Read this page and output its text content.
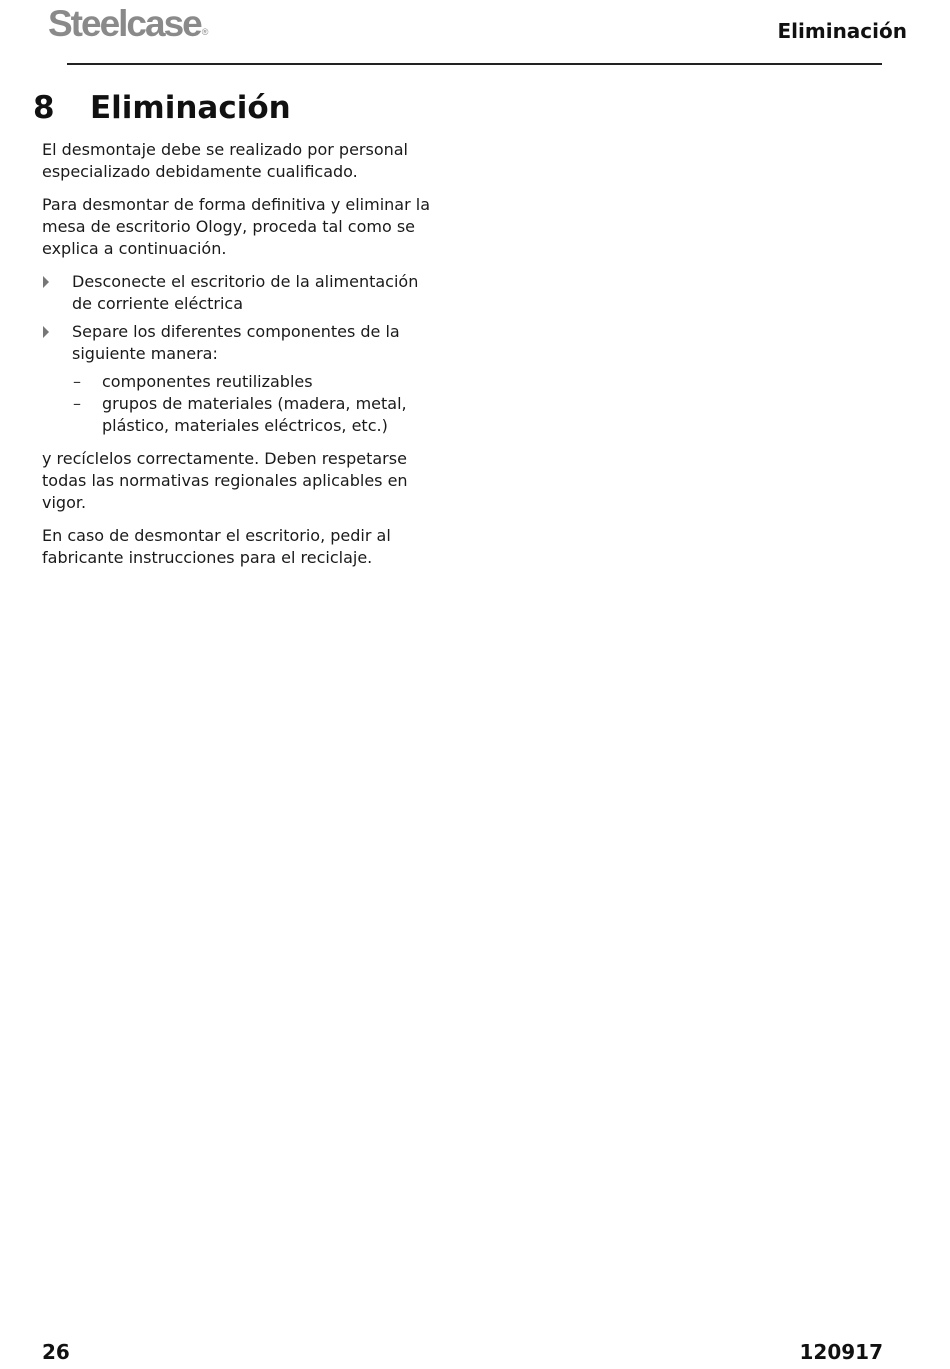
Steelcase®	Eliminación
8 Eliminación

El desmontaje debe se realizado por personal especializado debidamente cualificado.

Para desmontar de forma definitiva y eliminar la mesa de escritorio Ology, proceda tal como se explica a continuación.

Desconecte el escritorio de la alimentación de corriente eléctrica
Separe los diferentes componentes de la siguiente manera:
– componentes reutilizables
– grupos de materiales (madera, metal, plástico, materiales eléctricos, etc.)

y recíclelos correctamente. Deben respetarse todas las normativas regionales aplicables en vigor.

En caso de desmontar el escritorio, pedir al fabricante instrucciones para el reciclaje.

26	120917
